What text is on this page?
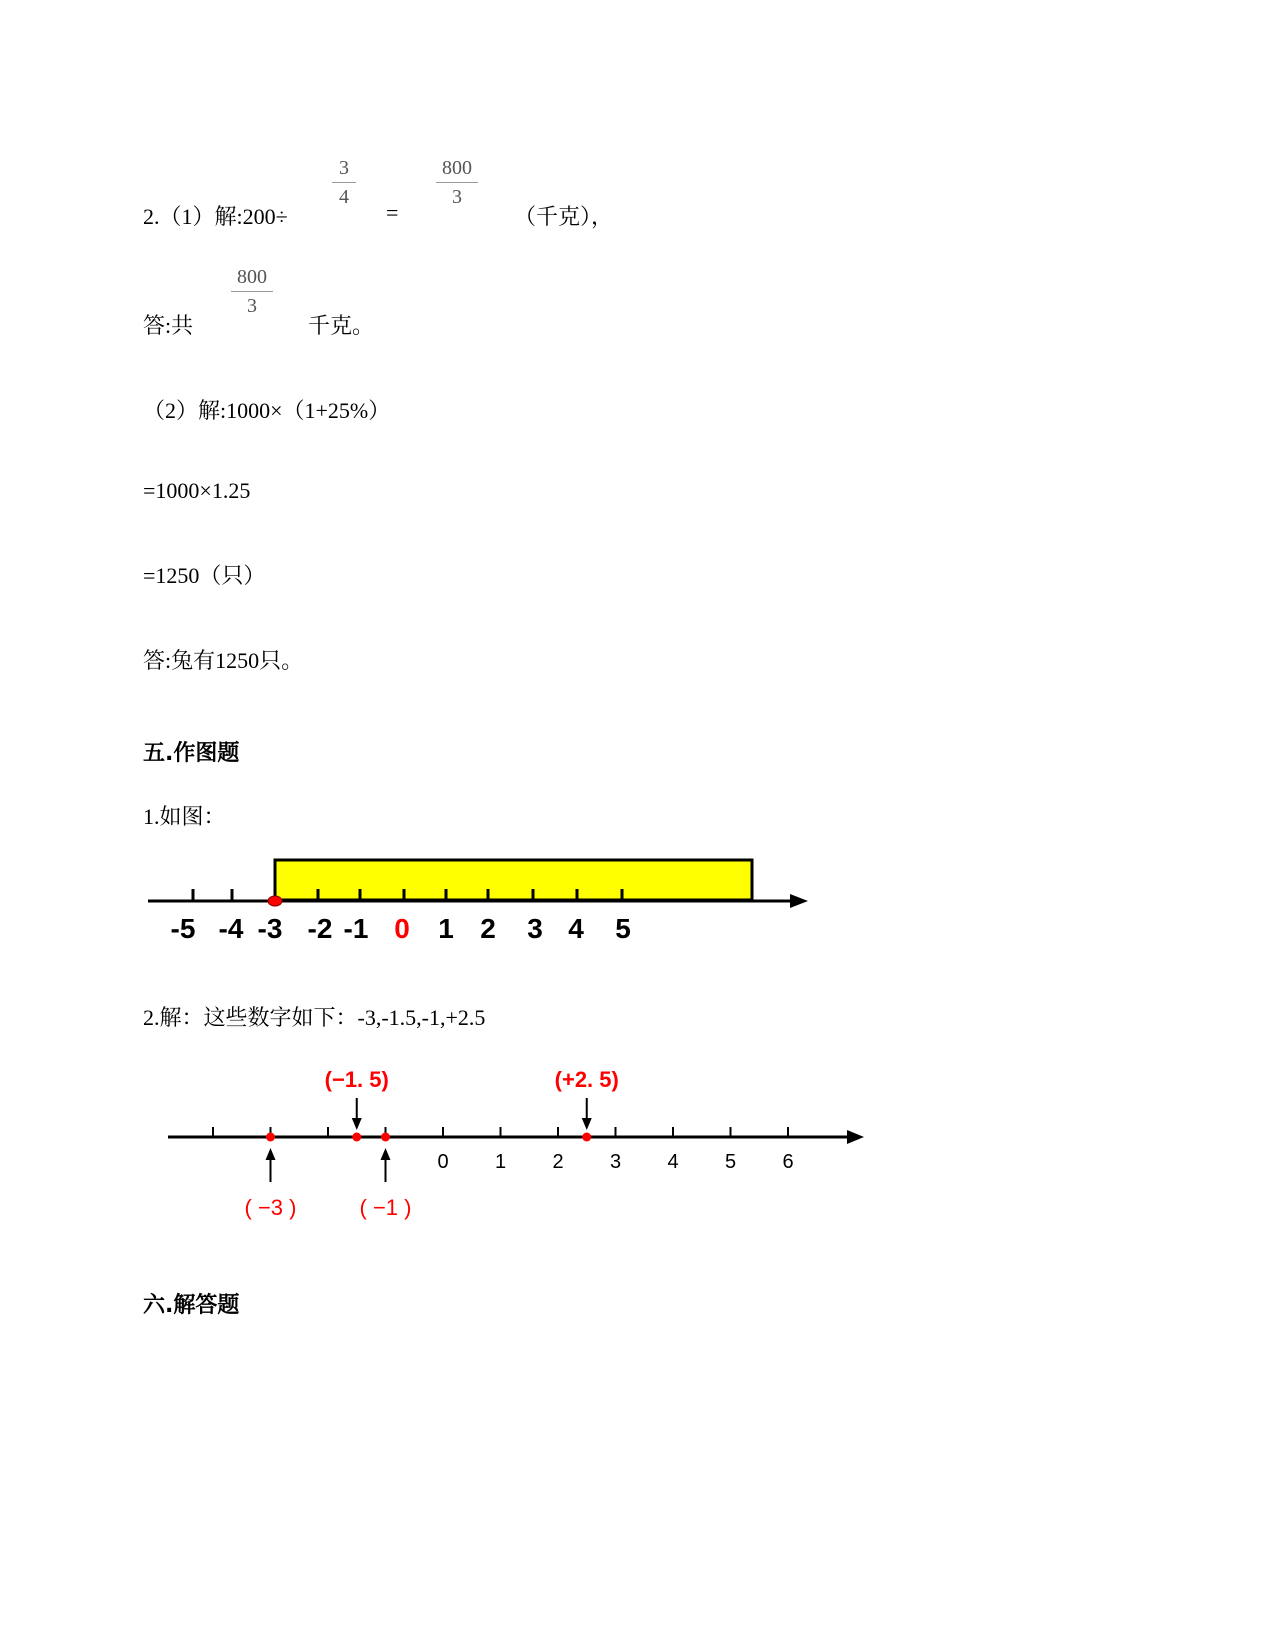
2.（1）解:200÷
3
4
=
800
3
（千克），
答:共
800
3
千克。
（2）解:1000×（1+25%）
=1000×1.25
=1250（只）
答:兔有1250只。
五.作图题
1.如图：
-5 -4 -3 -2 -1 0 1 2 3 4 5
2.解：这些数字如下：-3,-1.5,-1,+2.5
0 1 2 3 4 5 6
( −3 )
(−1. 5)
( −1 )
(+2. 5)
六.解答题
